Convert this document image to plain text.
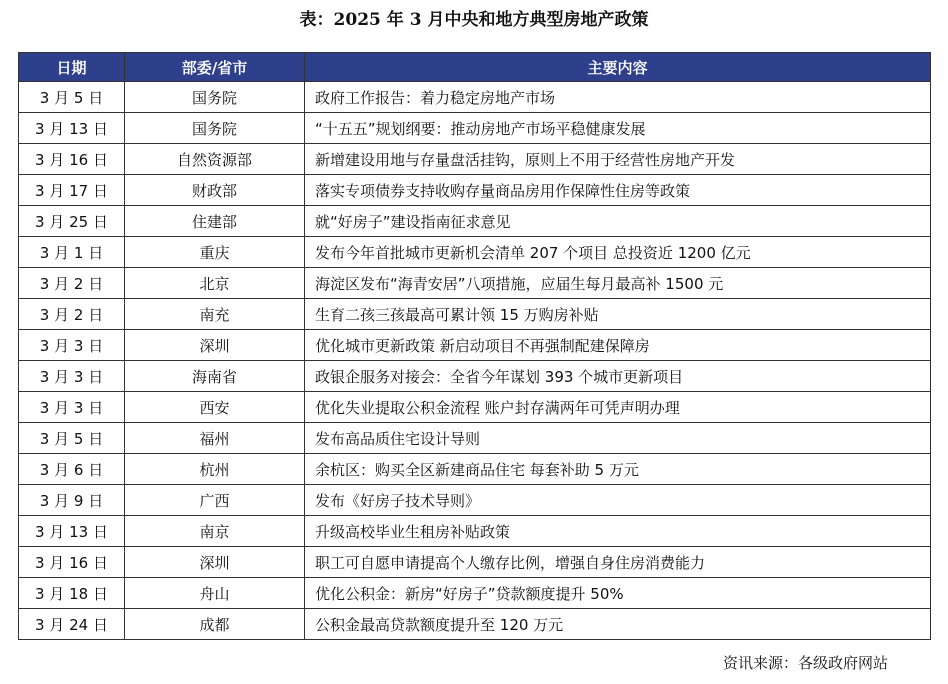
表：2025 年 3 月中央和地方典型房地产政策
日期	部委/省市	主要内容
3 月 5 日	国务院	政府工作报告：着力稳定房地产市场
3 月 13 日	国务院	“十五五”规划纲要：推动房地产市场平稳健康发展
3 月 16 日	自然资源部	新增建设用地与存量盘活挂钩，原则上不用于经营性房地产开发
3 月 17 日	财政部	落实专项债券支持收购存量商品房用作保障性住房等政策
3 月 25 日	住建部	就“好房子”建设指南征求意见
3 月 1 日	重庆	发布今年首批城市更新机会清单 207 个项目 总投资近 1200 亿元
3 月 2 日	北京	海淀区发布“海青安居”八项措施，应届生每月最高补 1500 元
3 月 2 日	南充	生育二孩三孩最高可累计领 15 万购房补贴
3 月 3 日	深圳	优化城市更新政策 新启动项目不再强制配建保障房
3 月 3 日	海南省	政银企服务对接会：全省今年谋划 393 个城市更新项目
3 月 3 日	西安	优化失业提取公积金流程 账户封存满两年可凭声明办理
3 月 5 日	福州	发布高品质住宅设计导则
3 月 6 日	杭州	余杭区：购买全区新建商品住宅 每套补助 5 万元
3 月 9 日	广西	发布《好房子技术导则》
3 月 13 日	南京	升级高校毕业生租房补贴政策
3 月 16 日	深圳	职工可自愿申请提高个人缴存比例，增强自身住房消费能力
3 月 18 日	舟山	优化公积金：新房“好房子”贷款额度提升 50%
3 月 24 日	成都	公积金最高贷款额度提升至 120 万元
资讯来源：各级政府网站
